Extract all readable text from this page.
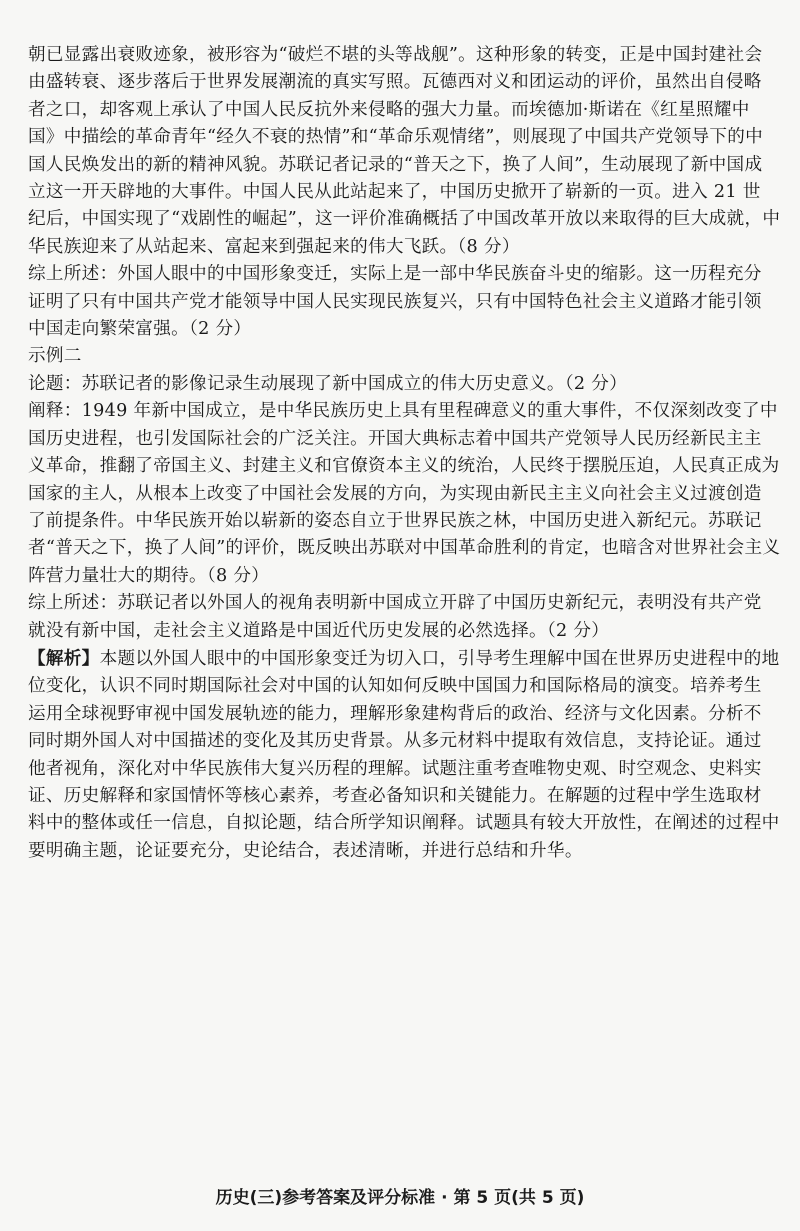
朝已显露出衰败迹象，被形容为“破烂不堪的头等战舰”。这种形象的转变，正是中国封建社会
由盛转衰、逐步落后于世界发展潮流的真实写照。瓦德西对义和团运动的评价，虽然出自侵略
者之口，却客观上承认了中国人民反抗外来侵略的强大力量。而埃德加·斯诺在《红星照耀中
国》中描绘的革命青年“经久不衰的热情”和“革命乐观情绪”，则展现了中国共产党领导下的中
国人民焕发出的新的精神风貌。苏联记者记录的“普天之下，换了人间”，生动展现了新中国成
立这一开天辟地的大事件。中国人民从此站起来了，中国历史掀开了崭新的一页。进入 21 世
纪后，中国实现了“戏剧性的崛起”，这一评价准确概括了中国改革开放以来取得的巨大成就，中
华民族迎来了从站起来、富起来到强起来的伟大飞跃。（8 分）
综上所述：外国人眼中的中国形象变迁，实际上是一部中华民族奋斗史的缩影。这一历程充分
证明了只有中国共产党才能领导中国人民实现民族复兴，只有中国特色社会主义道路才能引领
中国走向繁荣富强。（2 分）
示例二
论题：苏联记者的影像记录生动展现了新中国成立的伟大历史意义。（2 分）
阐释：1949 年新中国成立，是中华民族历史上具有里程碑意义的重大事件，不仅深刻改变了中
国历史进程，也引发国际社会的广泛关注。开国大典标志着中国共产党领导人民历经新民主主
义革命，推翻了帝国主义、封建主义和官僚资本主义的统治，人民终于摆脱压迫，人民真正成为
国家的主人，从根本上改变了中国社会发展的方向，为实现由新民主主义向社会主义过渡创造
了前提条件。中华民族开始以崭新的姿态自立于世界民族之林，中国历史进入新纪元。苏联记
者“普天之下，换了人间”的评价，既反映出苏联对中国革命胜利的肯定，也暗含对世界社会主义
阵营力量壮大的期待。（8 分）
综上所述：苏联记者以外国人的视角表明新中国成立开辟了中国历史新纪元，表明没有共产党
就没有新中国，走社会主义道路是中国近代历史发展的必然选择。（2 分）
【解析】本题以外国人眼中的中国形象变迁为切入口，引导考生理解中国在世界历史进程中的地
位变化，认识不同时期国际社会对中国的认知如何反映中国国力和国际格局的演变。培养考生
运用全球视野审视中国发展轨迹的能力，理解形象建构背后的政治、经济与文化因素。分析不
同时期外国人对中国描述的变化及其历史背景。从多元材料中提取有效信息，支持论证。通过
他者视角，深化对中华民族伟大复兴历程的理解。试题注重考查唯物史观、时空观念、史料实
证、历史解释和家国情怀等核心素养，考查必备知识和关键能力。在解题的过程中学生选取材
料中的整体或任一信息，自拟论题，结合所学知识阐释。试题具有较大开放性，在阐述的过程中
要明确主题，论证要充分，史论结合，表述清晰，并进行总结和升华。
历史(三)参考答案及评分标准 · 第 5 页(共 5 页)
